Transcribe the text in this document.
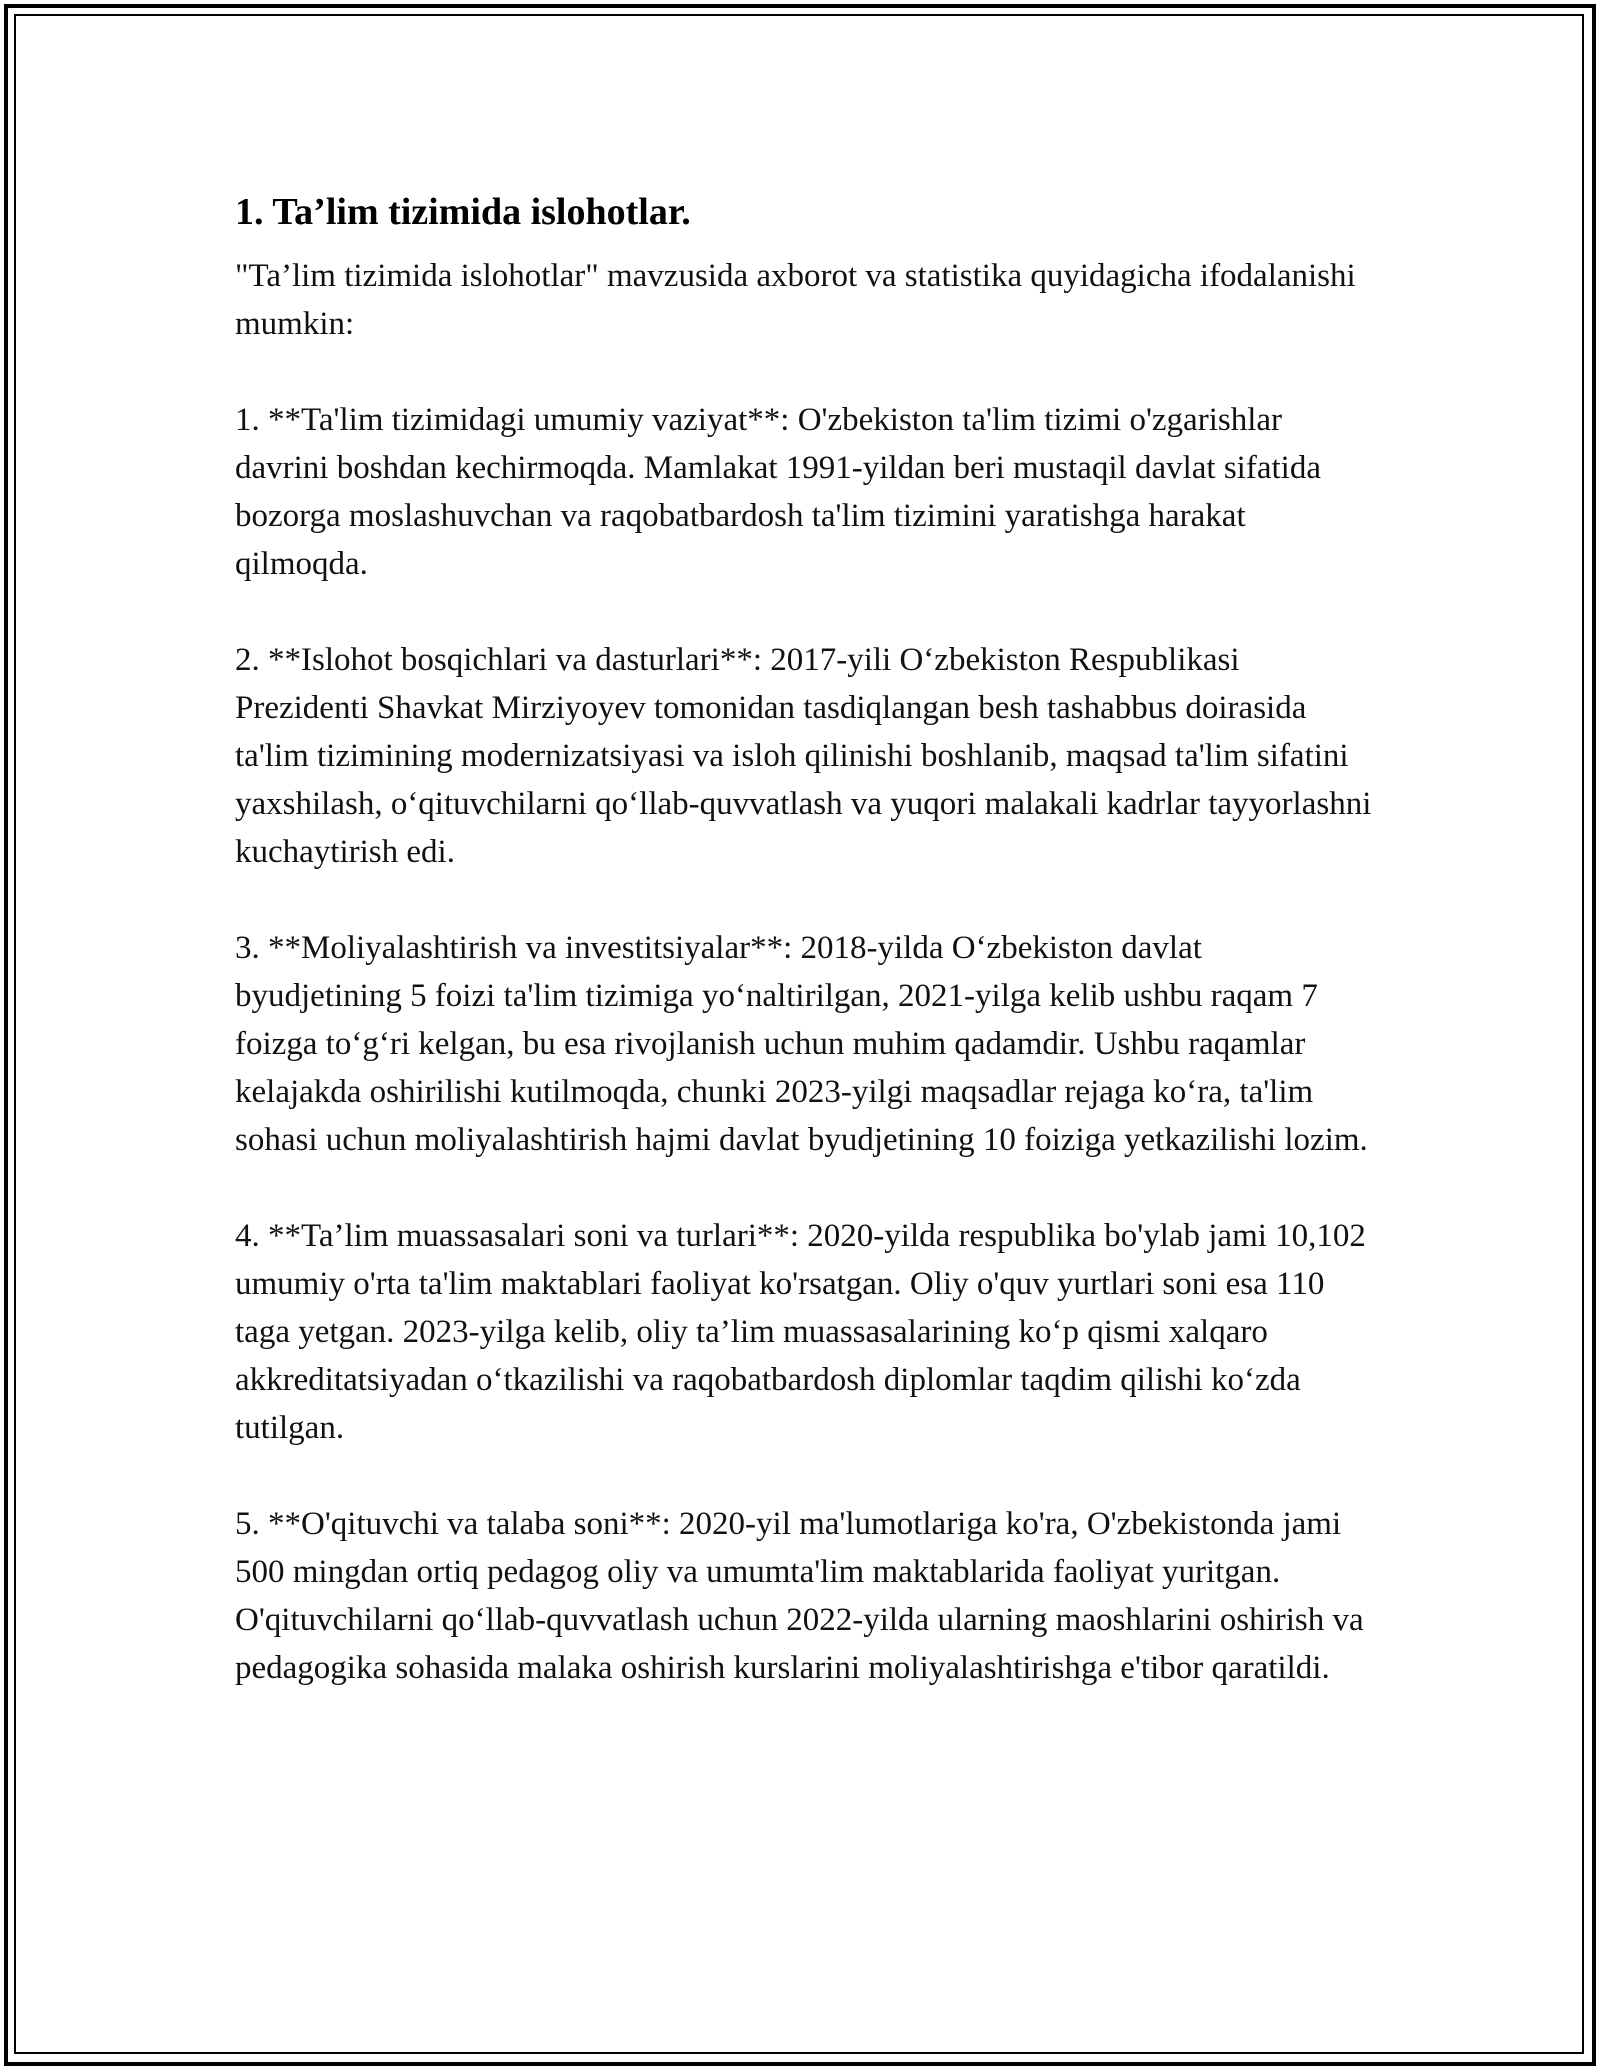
1. Ta’lim tizimida islohotlar.

"Ta’lim tizimida islohotlar" mavzusida axborot va statistika quyidagicha ifodalanishi mumkin:

1. **Ta'lim tizimidagi umumiy vaziyat**: O'zbekiston ta'lim tizimi o'zgarishlar davrini boshdan kechirmoqda. Mamlakat 1991-yildan beri mustaqil davlat sifatida bozorga moslashuvchan va raqobatbardosh ta'lim tizimini yaratishga harakat qilmoqda.

2. **Islohot bosqichlari va dasturlari**: 2017-yili O‘zbekiston Respublikasi Prezidenti Shavkat Mirziyoyev tomonidan tasdiqlangan besh tashabbus doirasida ta'lim tizimining modernizatsiyasi va isloh qilinishi boshlanib, maqsad ta'lim sifatini yaxshilash, o‘qituvchilarni qo‘llab-quvvatlash va yuqori malakali kadrlar tayyorlashni kuchaytirish edi.

3. **Moliyalashtirish va investitsiyalar**: 2018-yilda O‘zbekiston davlat byudjetining 5 foizi ta'lim tizimiga yo‘naltirilgan, 2021-yilga kelib ushbu raqam 7 foizga to‘g‘ri kelgan, bu esa rivojlanish uchun muhim qadamdir. Ushbu raqamlar kelajakda oshirilishi kutilmoqda, chunki 2023-yilgi maqsadlar rejaga ko‘ra, ta'lim sohasi uchun moliyalashtirish hajmi davlat byudjetining 10 foiziga yetkazilishi lozim.

4. **Ta’lim muassasalari soni va turlari**: 2020-yilda respublika bo'ylab jami 10,102 umumiy o'rta ta'lim maktablari faoliyat ko'rsatgan. Oliy o'quv yurtlari soni esa 110 taga yetgan. 2023-yilga kelib, oliy ta’lim muassasalarining ko‘p qismi xalqaro akkreditatsiyadan o‘tkazilishi va raqobatbardosh diplomlar taqdim qilishi ko‘zda tutilgan.

5. **O'qituvchi va talaba soni**: 2020-yil ma'lumotlariga ko'ra, O'zbekistonda jami 500 mingdan ortiq pedagog oliy va umumta'lim maktablarida faoliyat yuritgan. O'qituvchilarni qo‘llab-quvvatlash uchun 2022-yilda ularning maoshlarini oshirish va pedagogika sohasida malaka oshirish kurslarini moliyalashtirishga e'tibor qaratildi.
